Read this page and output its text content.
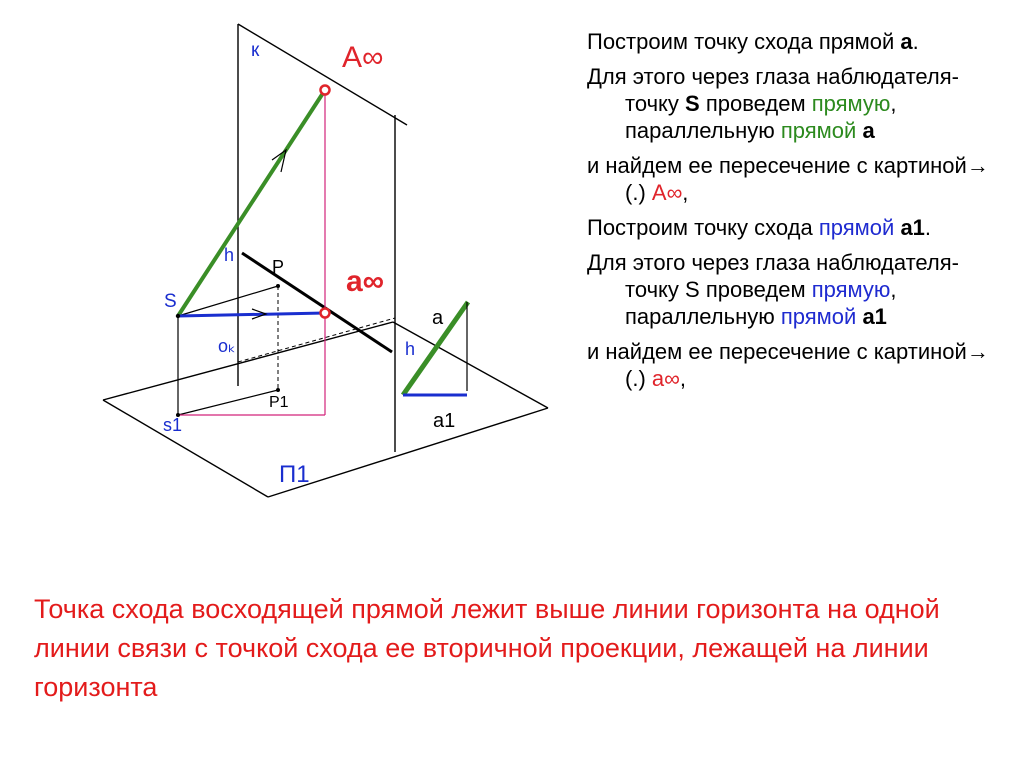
к	A∞
a∞
h
P
S
oₖ
P1
s1
a
h
a1
П1

Построим точку схода прямой а.

Для этого через глаза наблюдателя- точку S проведем прямую, параллельную прямой а

и найдем ее пересечение с картиной→ (.) A∞,

Построим точку схода прямой а1.

Для этого через глаза наблюдателя- точку S проведем прямую, параллельную прямой а1

и найдем ее пересечение с картиной→ (.) a∞,

Точка схода восходящей прямой лежит выше линии горизонта на одной линии связи с точкой схода ее вторичной проекции, лежащей на линии горизонта
